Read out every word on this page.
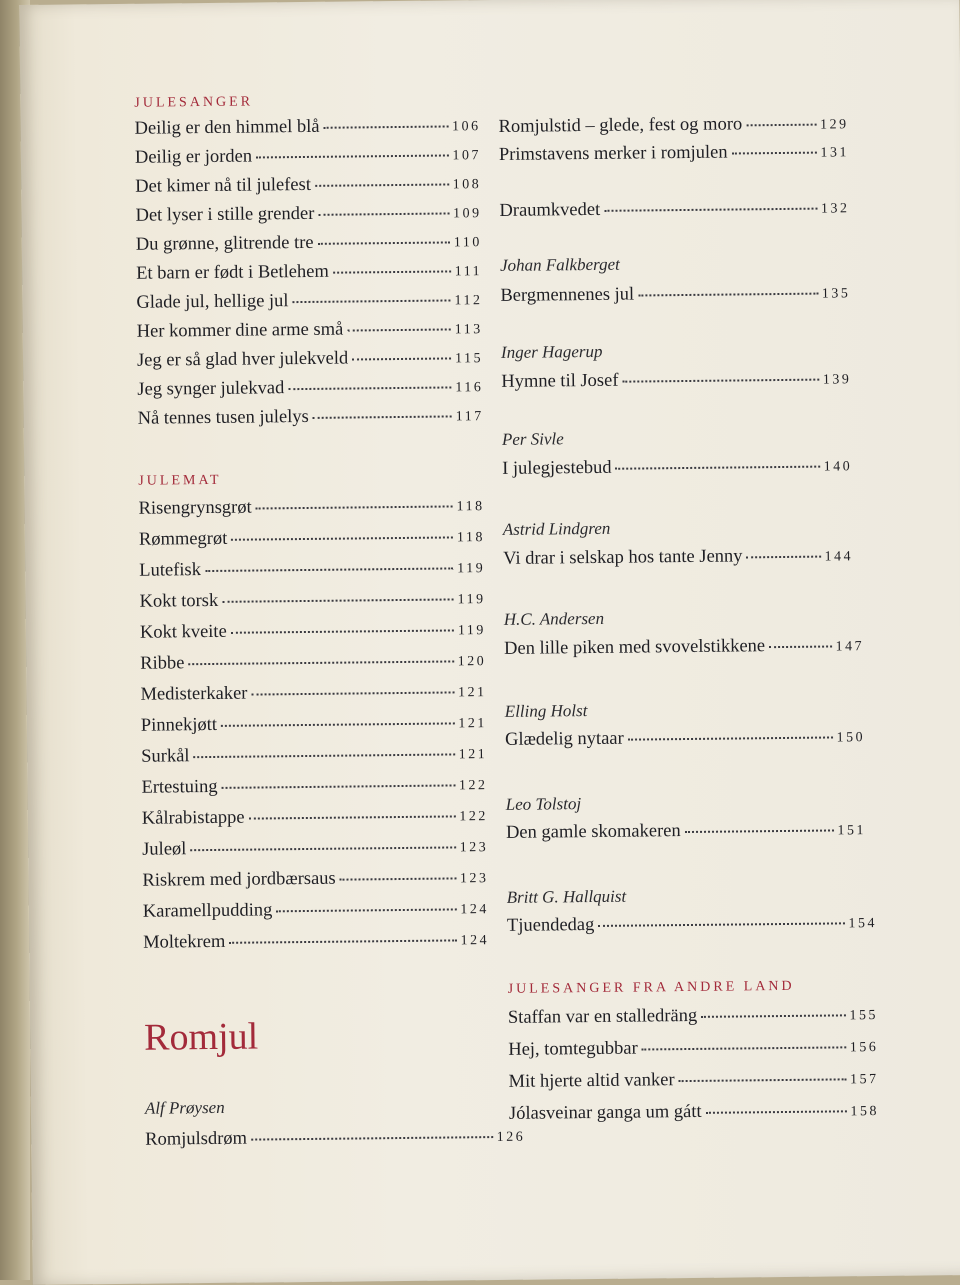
JULESANGER
Deilig er den himmel blå	106
Deilig er jorden	107
Det kimer nå til julefest	108
Det lyser i stille grender	109
Du grønne, glitrende tre	110
Et barn er født i Betlehem	111
Glade jul, hellige jul	112
Her kommer dine arme små	113
Jeg er så glad hver julekveld	115
Jeg synger julekvad	116
Nå tennes tusen julelys	117
JULEMAT
Risengrynsgrøt	118
Rømmegrøt	118
Lutefisk	119
Kokt torsk	119
Kokt kveite	119
Ribbe	120
Medisterkaker	121
Pinnekjøtt	121
Surkål	121
Ertestuing	122
Kålrabistappe	122
Juleøl	123
Riskrem med jordbærsaus	123
Karamellpudding	124
Moltekrem	124
Romjul
Alf Prøysen
Romjulsdrøm	126
Romjulstid – glede, fest og moro	129
Primstavens merker i romjulen	131
Draumkvedet	132
Johan Falkberget
Bergmennenes jul	135
Inger Hagerup
Hymne til Josef	139
Per Sivle
I julegjestebud	140
Astrid Lindgren
Vi drar i selskap hos tante Jenny	144
H.C. Andersen
Den lille piken med svovelstikkene	147
Elling Holst
Glædelig nytaar	150
Leo Tolstoj
Den gamle skomakeren	151
Britt G. Hallquist
Tjuendedag	154
JULESANGER FRA ANDRE LAND
Staffan var en stalledräng	155
Hej, tomtegubbar	156
Mit hjerte altid vanker	157
Jólasveinar ganga um gátt	158
